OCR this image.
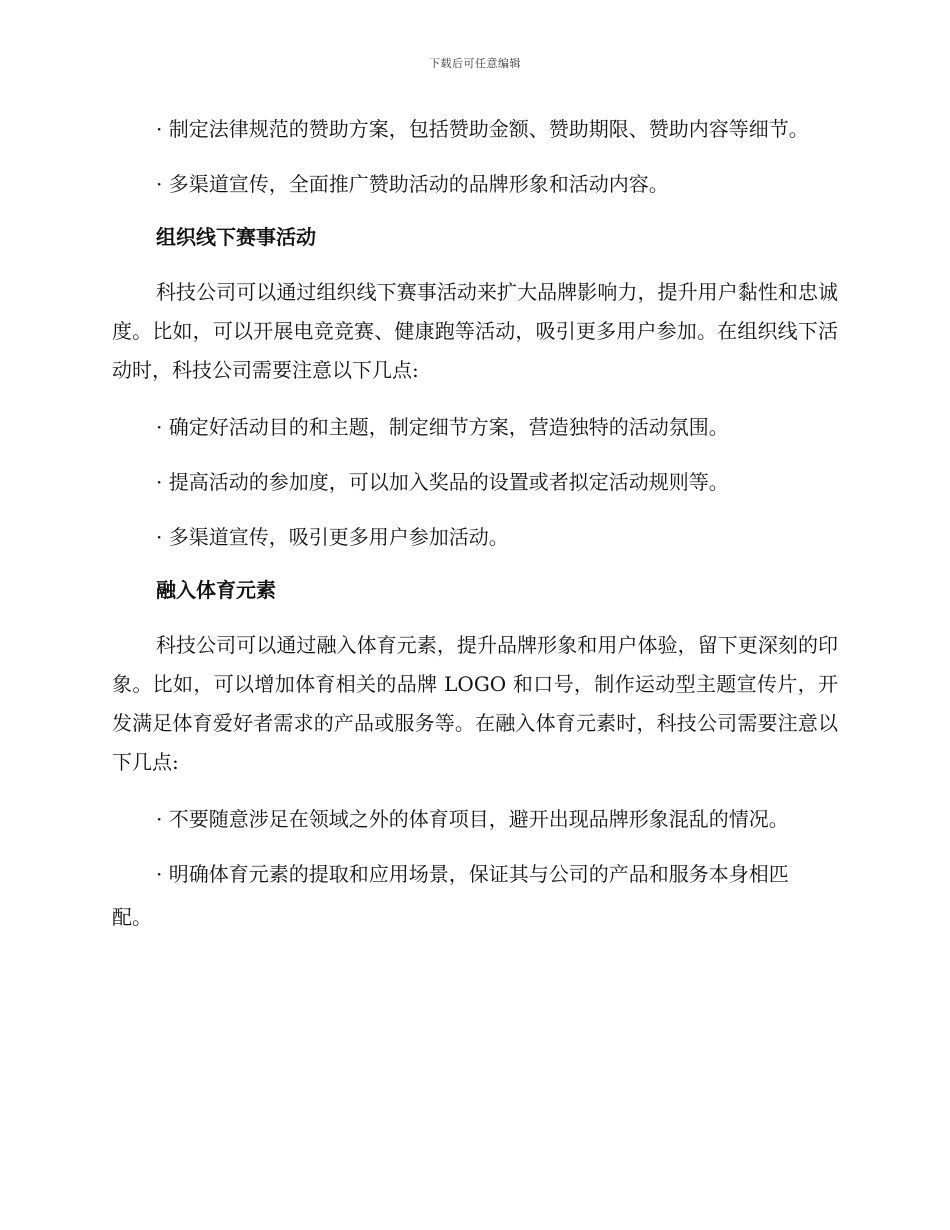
下载后可任意编辑

· 制定法律规范的赞助方案，包括赞助金额、赞助期限、赞助内容等细节。

· 多渠道宣传，全面推广赞助活动的品牌形象和活动内容。

组织线下赛事活动

科技公司可以通过组织线下赛事活动来扩大品牌影响力，提升用户黏性和忠诚度。比如，可以开展电竞竞赛、健康跑等活动，吸引更多用户参加。在组织线下活动时，科技公司需要注意以下几点:

· 确定好活动目的和主题，制定细节方案，营造独特的活动氛围。

· 提高活动的参加度，可以加入奖品的设置或者拟定活动规则等。

· 多渠道宣传，吸引更多用户参加活动。

融入体育元素

科技公司可以通过融入体育元素，提升品牌形象和用户体验，留下更深刻的印象。比如，可以增加体育相关的品牌 LOGO 和口号，制作运动型主题宣传片，开发满足体育爱好者需求的产品或服务等。在融入体育元素时，科技公司需要注意以下几点:

· 不要随意涉足在领域之外的体育项目，避开出现品牌形象混乱的情况。

· 明确体育元素的提取和应用场景，保证其与公司的产品和服务本身相匹配。
